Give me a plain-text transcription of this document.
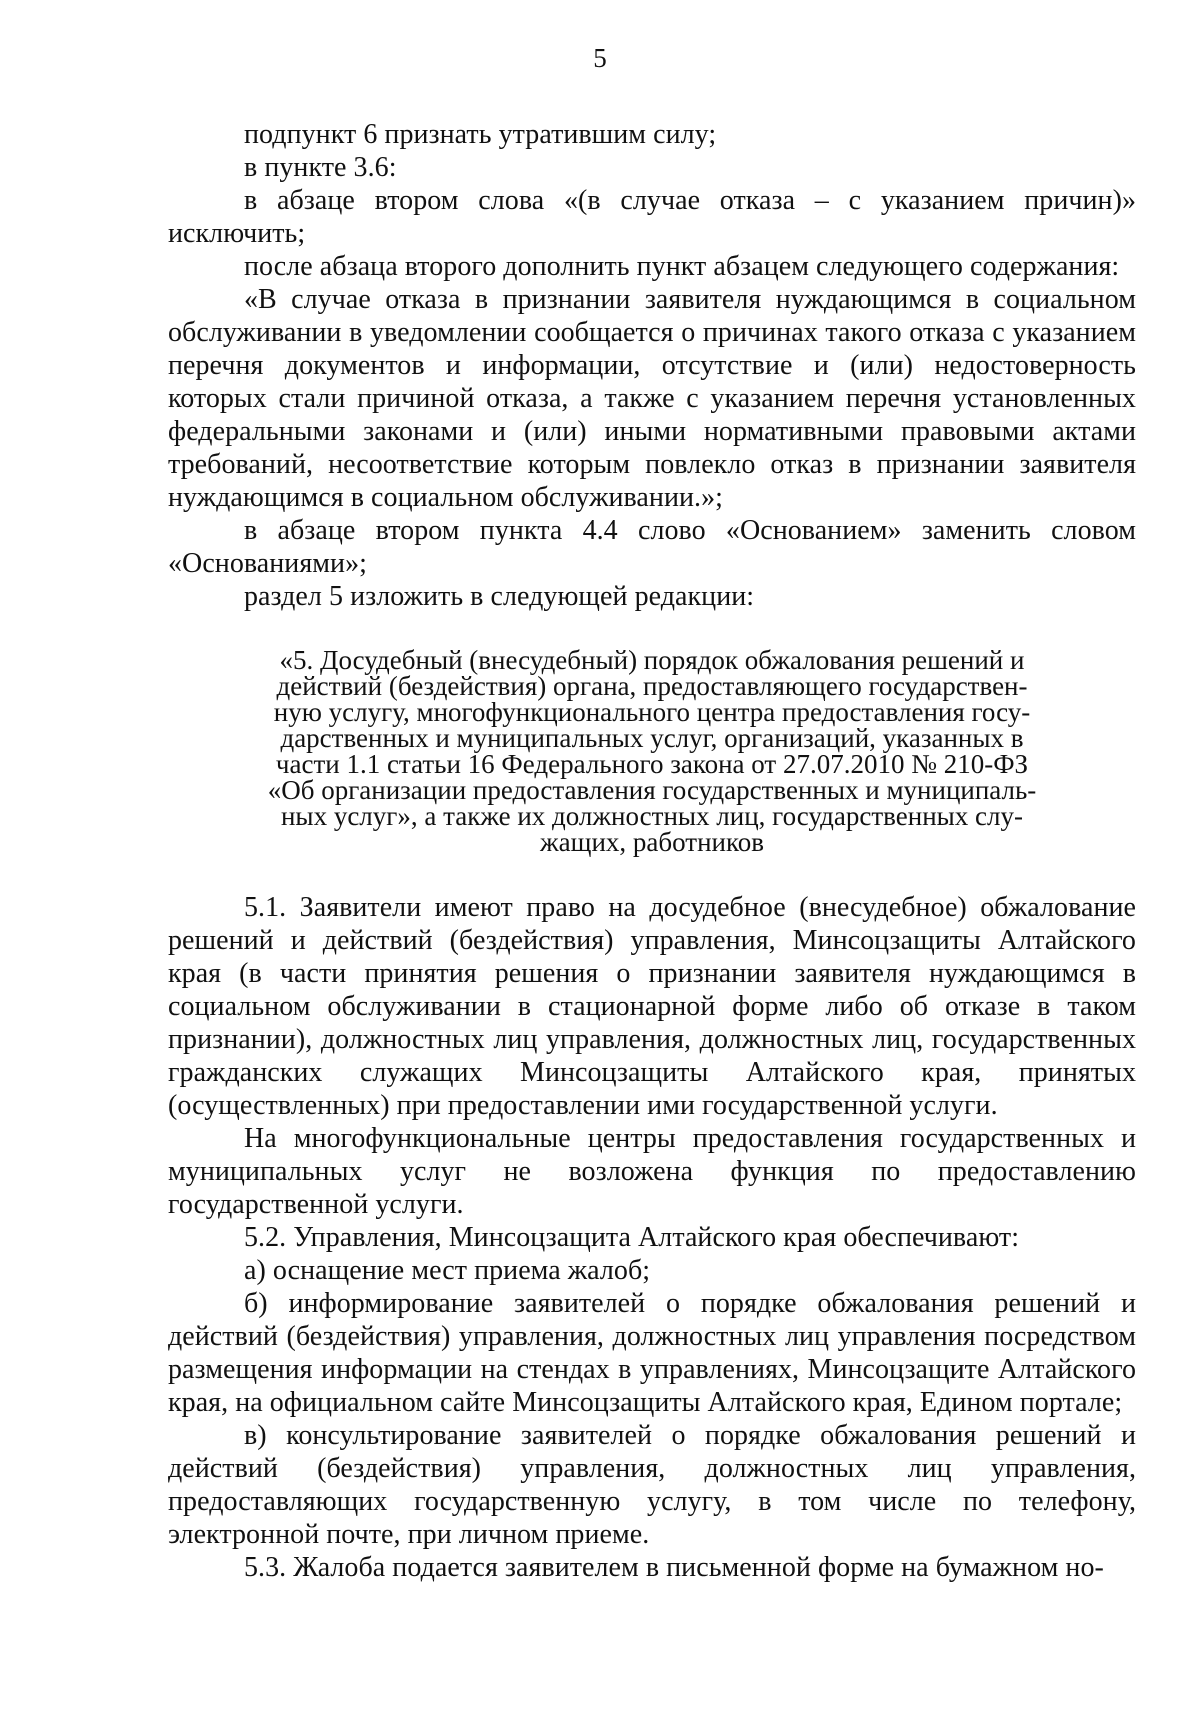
5

подпункт 6 признать утратившим силу;

в пункте 3.6:

в абзаце втором слова «(в случае отказа – с указанием причин)» исключить;

после абзаца второго дополнить пункт абзацем следующего содержания:

«В случае отказа в признании заявителя нуждающимся в социальном обслуживании в уведомлении сообщается о причинах такого отказа с указанием перечня документов и информации, отсутствие и (или) недостоверность которых стали причиной отказа, а также с указанием перечня установленных федеральными законами и (или) иными нормативными правовыми актами требований, несоответствие которым повлекло отказ в признании заявителя нуждающимся в социальном обслуживании.»;

в абзаце втором пункта 4.4 слово «Основанием» заменить словом «Основаниями»;

раздел 5 изложить в следующей редакции:

«5. Досудебный (внесудебный) порядок обжалования решений и
действий (бездействия) органа, предоставляющего государствен-
ную услугу, многофункционального центра предоставления госу-
дарственных и муниципальных услуг, организаций, указанных в
части 1.1 статьи 16 Федерального закона от 27.07.2010 № 210-ФЗ
«Об организации предоставления государственных и муниципаль-
ных услуг», а также их должностных лиц, государственных слу-
жащих, работников

5.1. Заявители имеют право на досудебное (внесудебное) обжалование решений и действий (бездействия) управления, Минсоцзащиты Алтайского края (в части принятия решения о признании заявителя нуждающимся в социальном обслуживании в стационарной форме либо об отказе в таком признании), должностных лиц управления, должностных лиц, государственных гражданских служащих Минсоцзащиты Алтайского края, принятых (осуществленных) при предоставлении ими государственной услуги.

На многофункциональные центры предоставления государственных и муниципальных услуг не возложена функция по предоставлению государственной услуги.

5.2. Управления, Минсоцзащита Алтайского края обеспечивают:

а) оснащение мест приема жалоб;

б) информирование заявителей о порядке обжалования решений и действий (бездействия) управления, должностных лиц управления посредством размещения информации на стендах в управлениях, Минсоцзащите Алтайского края, на официальном сайте Минсоцзащиты Алтайского края, Едином портале;

в) консультирование заявителей о порядке обжалования решений и действий (бездействия) управления, должностных лиц управления, предоставляющих государственную услугу, в том числе по телефону, электронной почте, при личном приеме.

5.3. Жалоба подается заявителем в письменной форме на бумажном но-
